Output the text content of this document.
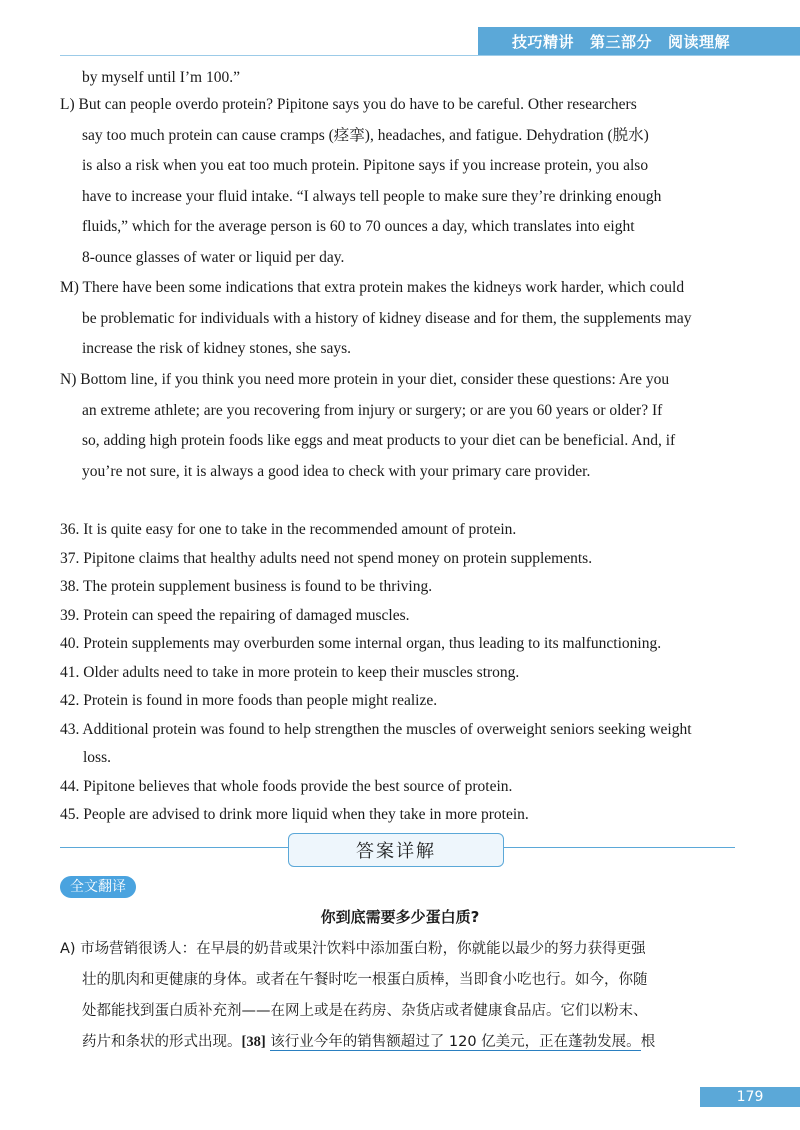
技巧精讲 第三部分 阅读理解
by myself until I’m 100.”
L) But can people overdo protein? Pipitone says you do have to be careful. Other researchers
say too much protein can cause cramps (痉挛), headaches, and fatigue. Dehydration (脱水)
is also a risk when you eat too much protein. Pipitone says if you increase protein, you also
have to increase your fluid intake. “I always tell people to make sure they’re drinking enough
fluids,” which for the average person is 60 to 70 ounces a day, which translates into eight
8-ounce glasses of water or liquid per day.
M) There have been some indications that extra protein makes the kidneys work harder, which could
be problematic for individuals with a history of kidney disease and for them, the supplements may
increase the risk of kidney stones, she says.
N) Bottom line, if you think you need more protein in your diet, consider these questions: Are you
an extreme athlete; are you recovering from injury or surgery; or are you 60 years or older? If
so, adding high protein foods like eggs and meat products to your diet can be beneficial. And, if
you’re not sure, it is always a good idea to check with your primary care provider.
36. It is quite easy for one to take in the recommended amount of protein.
37. Pipitone claims that healthy adults need not spend money on protein supplements.
38. The protein supplement business is found to be thriving.
39. Protein can speed the repairing of damaged muscles.
40. Protein supplements may overburden some internal organ, thus leading to its malfunctioning.
41. Older adults need to take in more protein to keep their muscles strong.
42. Protein is found in more foods than people might realize.
43. Additional protein was found to help strengthen the muscles of overweight seniors seeking weight
loss.
44. Pipitone believes that whole foods provide the best source of protein.
45. People are advised to drink more liquid when they take in more protein.
答案详解
全文翻译
你到底需要多少蛋白质?
A) 市场营销很诱人：在早晨的奶昔或果汁饮料中添加蛋白粉，你就能以最少的努力获得更强
壮的肌肉和更健康的身体。或者在午餐时吃一根蛋白质棒，当即食小吃也行。如今，你随
处都能找到蛋白质补充剂——在网上或是在药房、杂货店或者健康食品店。它们以粉末、
药片和条状的形式出现。[38] 该行业今年的销售额超过了 120 亿美元，正在蓬勃发展。根
179
